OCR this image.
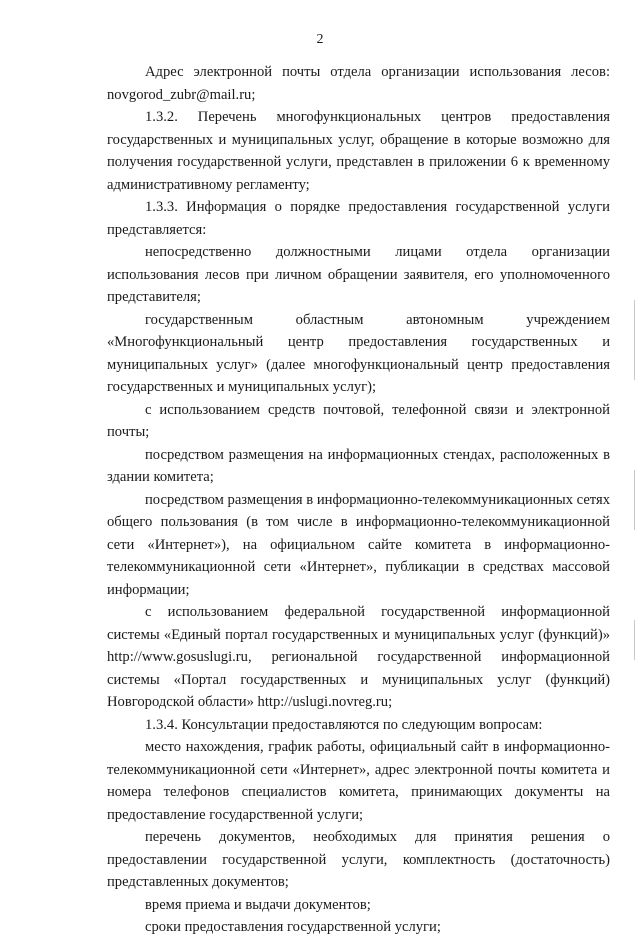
2

Адрес электронной почты отдела организации использования лесов: novgorod_zubr@mail.ru;

1.3.2. Перечень многофункциональных центров предоставления государственных и муниципальных услуг, обращение в которые возможно для получения государственной услуги, представлен в приложении 6 к временному административному регламенту;

1.3.3. Информация о порядке предоставления государственной услуги представляется:

непосредственно должностными лицами отдела организации использования лесов при личном обращении заявителя, его уполномоченного представителя;

государственным областным автономным учреждением «Многофункциональный центр предоставления государственных и муниципальных услуг» (далее многофункциональный центр предоставления государственных и муниципальных услуг);

с использованием средств почтовой, телефонной связи и электронной почты;

посредством размещения на информационных стендах, расположенных в здании комитета;

посредством размещения в информационно-телекоммуникационных сетях общего пользования (в том числе в информационно-телекоммуникационной сети «Интернет»), на официальном сайте комитета в информационно-телекоммуникационной сети «Интернет», публикации в средствах массовой информации;

с использованием федеральной государственной информационной системы «Единый портал государственных и муниципальных услуг (функций)» http://www.gosuslugi.ru, региональной государственной информационной системы «Портал государственных и муниципальных услуг (функций) Новгородской области» http://uslugi.novreg.ru;

1.3.4. Консультации предоставляются по следующим вопросам:

место нахождения, график работы, официальный сайт в информационно-телекоммуникационной сети «Интернет», адрес электронной почты комитета и номера телефонов специалистов комитета, принимающих документы на предоставление государственной услуги;

перечень документов, необходимых для принятия решения о предоставлении государственной услуги, комплектность (достаточность) представленных документов;

время приема и выдачи документов;

сроки предоставления государственной услуги;
